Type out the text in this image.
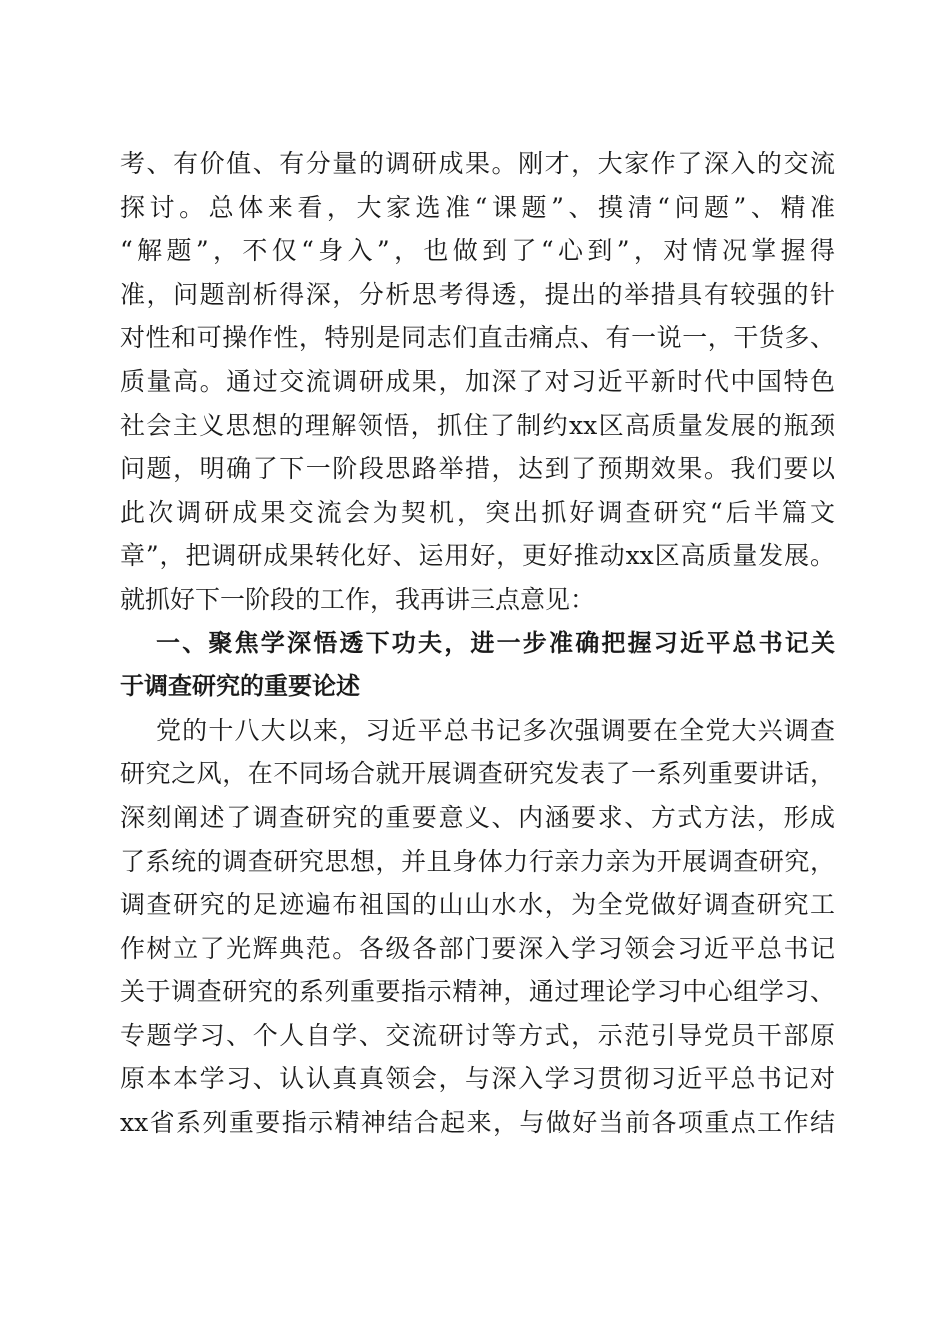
考、有价值、有分量的调研成果。刚才，大家作了深入的交流
探讨。总体来看，大家选准“课题”、摸清“问题”、精准
“解题”，不仅“身入”，也做到了“心到”，对情况掌握得
准，问题剖析得深，分析思考得透，提出的举措具有较强的针
对性和可操作性，特别是同志们直击痛点、有一说一，干货多、
质量高。通过交流调研成果，加深了对习近平新时代中国特色
社会主义思想的理解领悟，抓住了制约xx区高质量发展的瓶颈
问题，明确了下一阶段思路举措，达到了预期效果。我们要以
此次调研成果交流会为契机，突出抓好调查研究“后半篇文
章”，把调研成果转化好、运用好，更好推动xx区高质量发展。
就抓好下一阶段的工作，我再讲三点意见：
一、聚焦学深悟透下功夫，进一步准确把握习近平总书记关
于调查研究的重要论述
党的十八大以来，习近平总书记多次强调要在全党大兴调查
研究之风，在不同场合就开展调查研究发表了一系列重要讲话，
深刻阐述了调查研究的重要意义、内涵要求、方式方法，形成
了系统的调查研究思想，并且身体力行亲力亲为开展调查研究，
调查研究的足迹遍布祖国的山山水水，为全党做好调查研究工
作树立了光辉典范。各级各部门要深入学习领会习近平总书记
关于调查研究的系列重要指示精神，通过理论学习中心组学习、
专题学习、个人自学、交流研讨等方式，示范引导党员干部原
原本本学习、认认真真领会，与深入学习贯彻习近平总书记对
xx省系列重要指示精神结合起来，与做好当前各项重点工作结
